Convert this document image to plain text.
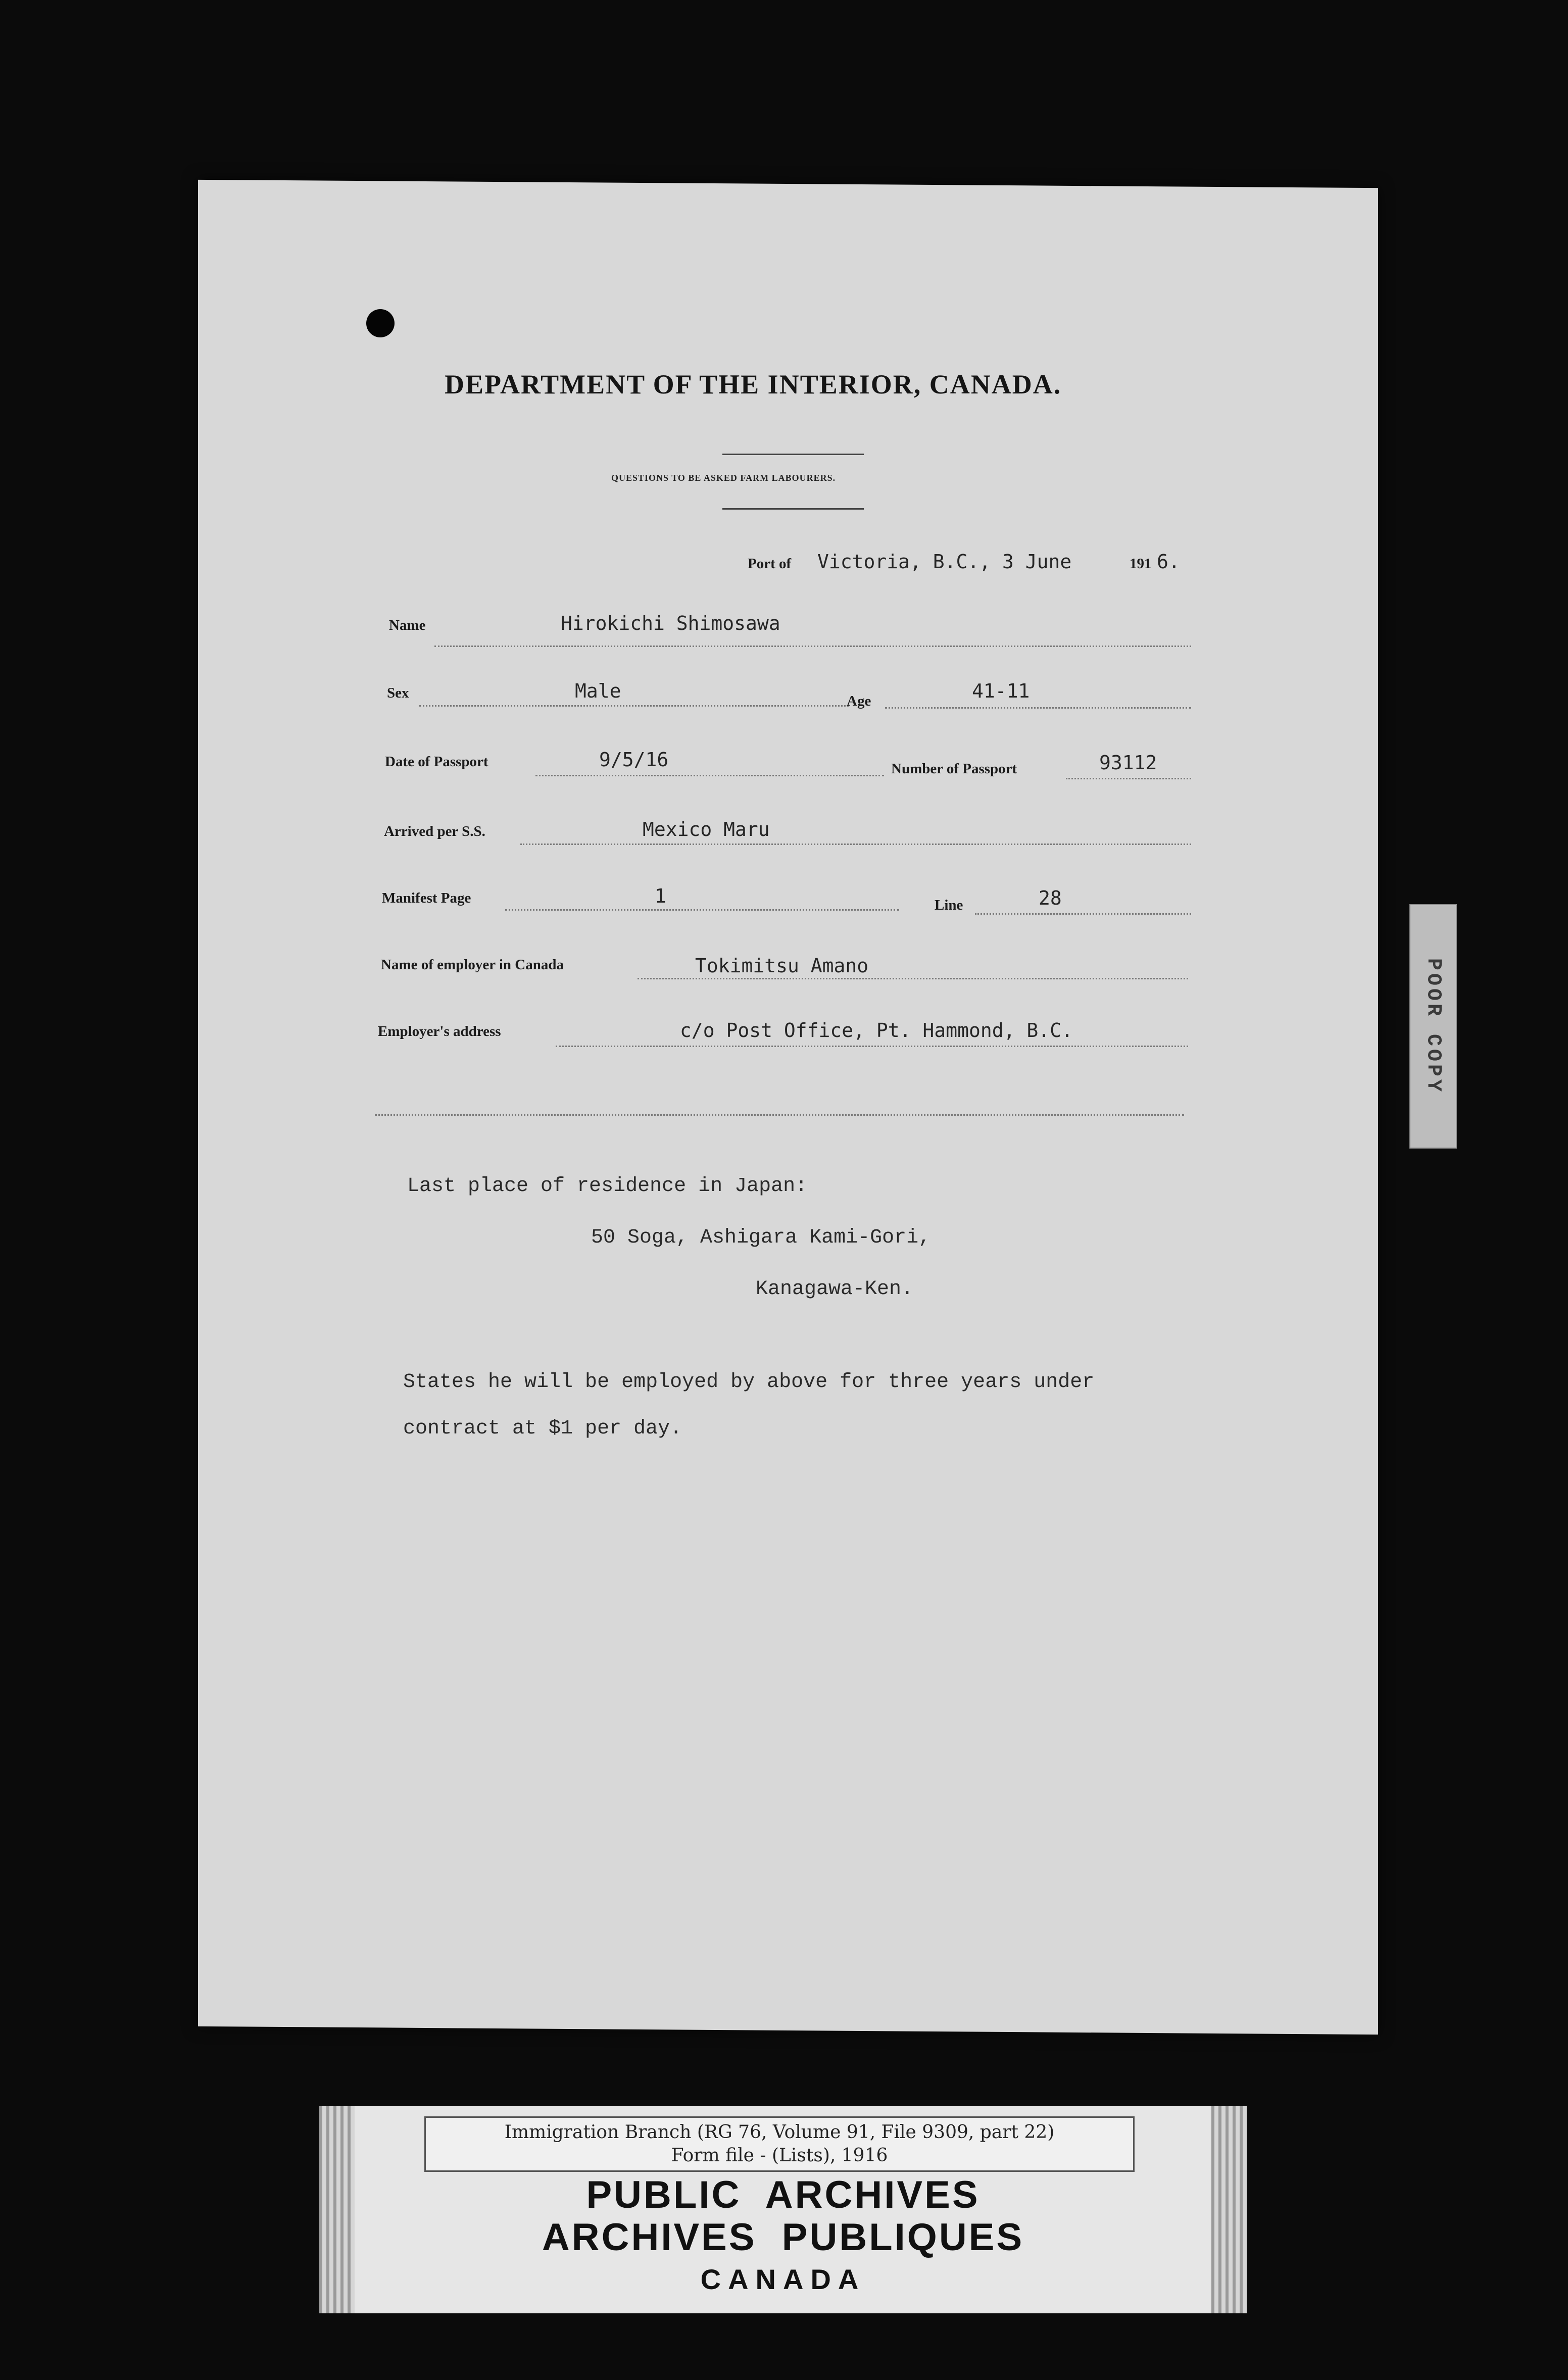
DEPARTMENT OF THE INTERIOR, CANADA.
QUESTIONS TO BE ASKED FARM LABOURERS.
Port of Victoria, B.C., 3 June	191 6.
Name	Hirokichi Shimosawa
Sex	Male	Age	41-11
Date of Passport	9/5/16	Number of Passport	93112
Arrived per S.S.	Mexico Maru
Manifest Page	1	Line	28
Name of employer in Canada	Tokimitsu Amano
Employer's address	c/o Post Office, Pt. Hammond, B.C.
Last place of residence in Japan:
50 Soga, Ashigara Kami-Gori,
Kanagawa-Ken.
States he will be employed by above for three years under
contract at $1 per day.
POOR COPY
Immigration Branch (RG 76, Volume 91, File 9309, part 22)
Form file - (Lists), 1916
PUBLIC  ARCHIVES
ARCHIVES  PUBLIQUES
CANADA
